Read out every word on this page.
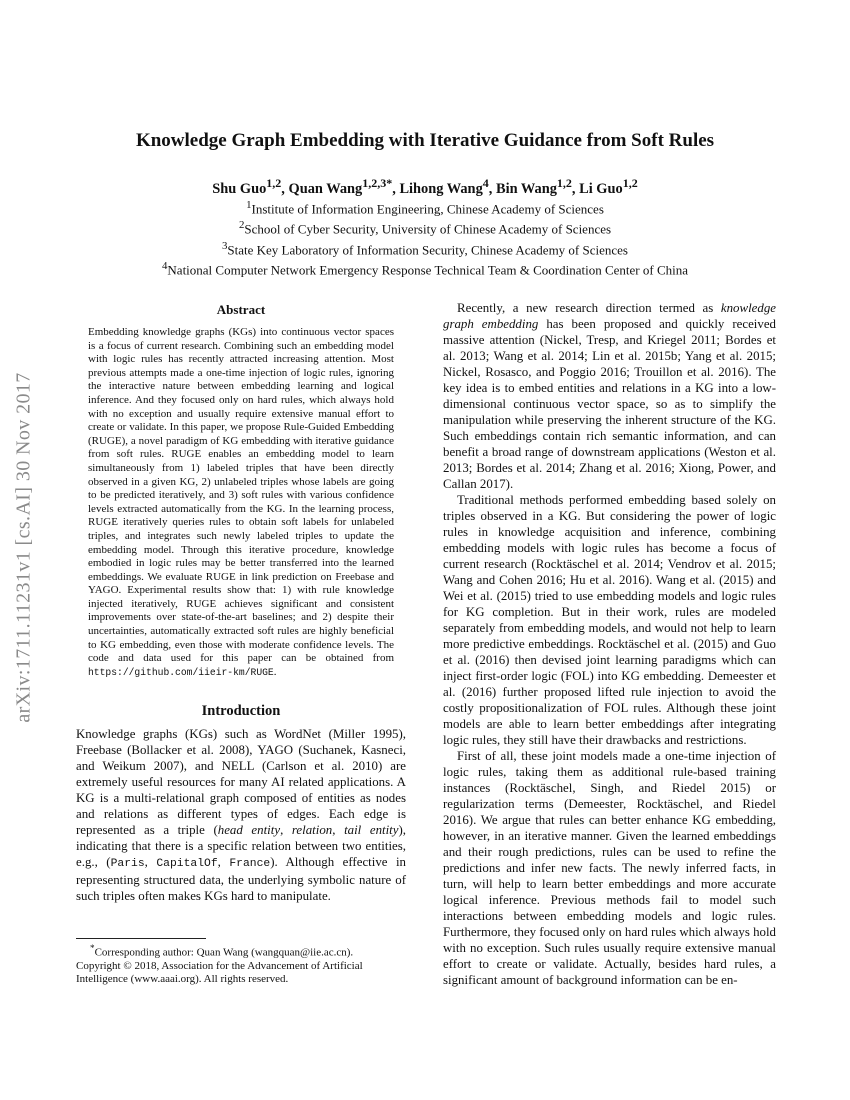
arXiv:1711.11231v1 [cs.AI] 30 Nov 2017
Knowledge Graph Embedding with Iterative Guidance from Soft Rules
Shu Guo$^{1,2}$, Quan Wang$^{1,2,3*}$, Lihong Wang$^4$, Bin Wang$^{1,2}$, Li Guo$^{1,2}$
$^1$Institute of Information Engineering, Chinese Academy of Sciences
$^2$School of Cyber Security, University of Chinese Academy of Sciences
$^3$State Key Laboratory of Information Security, Chinese Academy of Sciences
$^4$National Computer Network Emergency Response Technical Team & Coordination Center of China
Abstract
Embedding knowledge graphs (KGs) into continuous vector spaces is a focus of current research. Combining such an embedding model with logic rules has recently attracted increasing attention. Most previous attempts made a one-time injection of logic rules, ignoring the interactive nature between embedding learning and logical inference. And they focused only on hard rules, which always hold with no exception and usually require extensive manual effort to create or validate. In this paper, we propose Rule-Guided Embedding (RUGE), a novel paradigm of KG embedding with iterative guidance from soft rules. RUGE enables an embedding model to learn simultaneously from 1) labeled triples that have been directly observed in a given KG, 2) unlabeled triples whose labels are going to be predicted iteratively, and 3) soft rules with various confidence levels extracted automatically from the KG. In the learning process, RUGE iteratively queries rules to obtain soft labels for unlabeled triples, and integrates such newly labeled triples to update the embedding model. Through this iterative procedure, knowledge embodied in logic rules may be better transferred into the learned embeddings. We evaluate RUGE in link prediction on Freebase and YAGO. Experimental results show that: 1) with rule knowledge injected iteratively, RUGE achieves significant and consistent improvements over state-of-the-art baselines; and 2) despite their uncertainties, automatically extracted soft rules are highly beneficial to KG embedding, even those with moderate confidence levels. The code and data used for this paper can be obtained from https://github.com/iieir-km/RUGE.
Introduction

Knowledge graphs (KGs) such as WordNet (Miller 1995), Freebase (Bollacker et al. 2008), YAGO (Suchanek, Kasneci, and Weikum 2007), and NELL (Carlson et al. 2010) are extremely useful resources for many AI related applications. A KG is a multi-relational graph composed of entities as nodes and relations as different types of edges. Each edge is represented as a triple (head entity, relation, tail entity), indicating that there is a specific relation between two entities, e.g., (Paris, CapitalOf, France). Although effective in representing structured data, the underlying symbolic nature of such triples often makes KGs hard to manipulate.

*Corresponding author: Quan Wang (wangquan@iie.ac.cn).

Copyright © 2018, Association for the Advancement of Artificial Intelligence (www.aaai.org). All rights reserved.

Recently, a new research direction termed as knowledge graph embedding has been proposed and quickly received massive attention (Nickel, Tresp, and Kriegel 2011; Bordes et al. 2013; Wang et al. 2014; Lin et al. 2015b; Yang et al. 2015; Nickel, Rosasco, and Poggio 2016; Trouillon et al. 2016). The key idea is to embed entities and relations in a KG into a low-dimensional continuous vector space, so as to simplify the manipulation while preserving the inherent structure of the KG. Such embeddings contain rich semantic information, and can benefit a broad range of downstream applications (Weston et al. 2013; Bordes et al. 2014; Zhang et al. 2016; Xiong, Power, and Callan 2017).

Traditional methods performed embedding based solely on triples observed in a KG. But considering the power of logic rules in knowledge acquisition and inference, combining embedding models with logic rules has become a focus of current research (Rocktäschel et al. 2014; Vendrov et al. 2015; Wang and Cohen 2016; Hu et al. 2016). Wang et al. (2015) and Wei et al. (2015) tried to use embedding models and logic rules for KG completion. But in their work, rules are modeled separately from embedding models, and would not help to learn more predictive embeddings. Rocktäschel et al. (2015) and Guo et al. (2016) then devised joint learning paradigms which can inject first-order logic (FOL) into KG embedding. Demeester et al. (2016) further proposed lifted rule injection to avoid the costly propositionalization of FOL rules. Although these joint models are able to learn better embeddings after integrating logic rules, they still have their drawbacks and restrictions.

First of all, these joint models made a one-time injection of logic rules, taking them as additional rule-based training instances (Rocktäschel, Singh, and Riedel 2015) or regularization terms (Demeester, Rocktäschel, and Riedel 2016). We argue that rules can better enhance KG embedding, however, in an iterative manner. Given the learned embeddings and their rough predictions, rules can be used to refine the predictions and infer new facts. The newly inferred facts, in turn, will help to learn better embeddings and more accurate logical inference. Previous methods fail to model such interactions between embedding models and logic rules. Furthermore, they focused only on hard rules which always hold with no exception. Such rules usually require extensive manual effort to create or validate. Actually, besides hard rules, a significant amount of background information can be en-
